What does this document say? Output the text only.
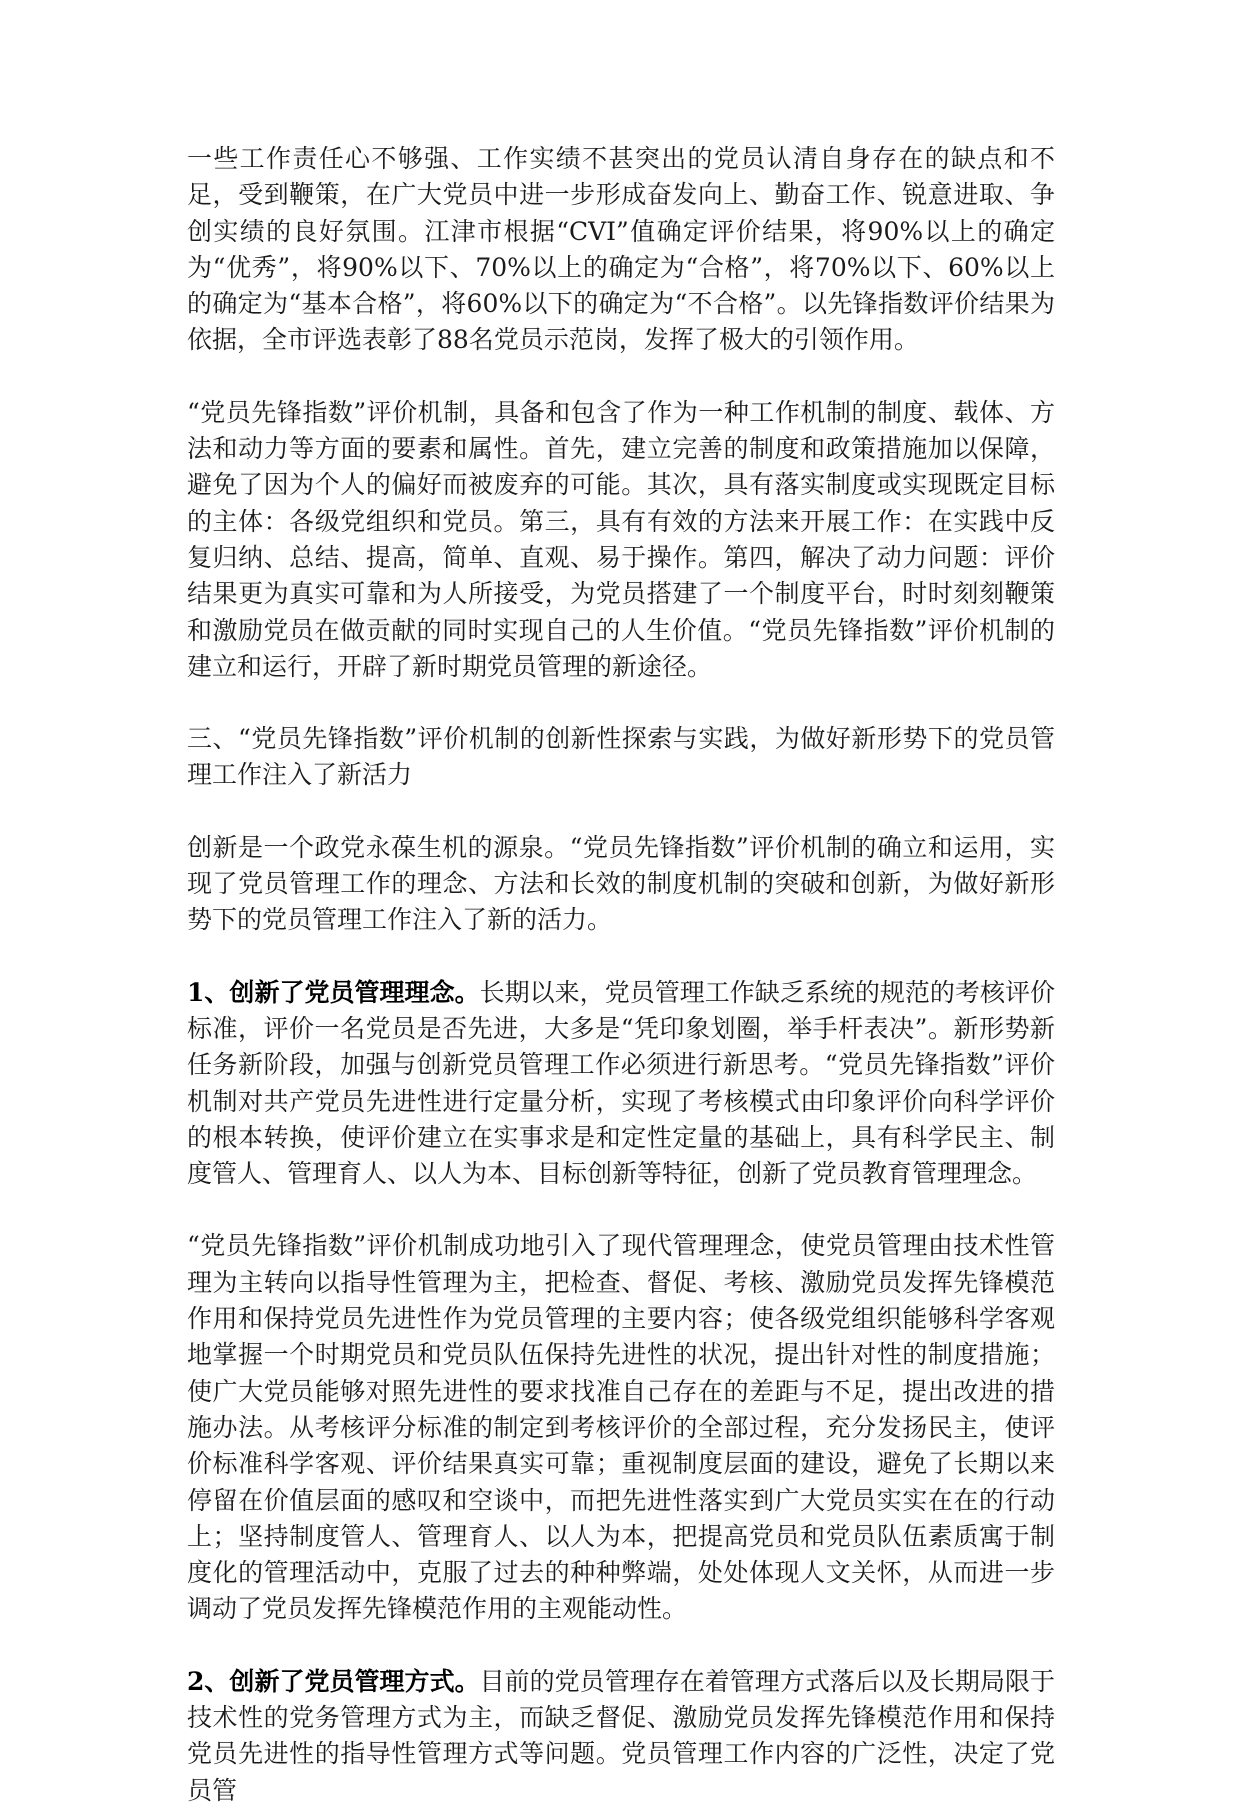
一些工作责任心不够强、工作实绩不甚突出的党员认清自身存在的缺点和不足，受到鞭策，在广大党员中进一步形成奋发向上、勤奋工作、锐意进取、争创实绩的良好氛围。江津市根据“CVI”值确定评价结果，将90%以上的确定为“优秀”，将90%以下、70%以上的确定为“合格”，将70%以下、60%以上的确定为“基本合格”，将60%以下的确定为“不合格”。以先锋指数评价结果为依据，全市评选表彰了88名党员示范岗，发挥了极大的引领作用。

“党员先锋指数”评价机制，具备和包含了作为一种工作机制的制度、载体、方法和动力等方面的要素和属性。首先，建立完善的制度和政策措施加以保障，避免了因为个人的偏好而被废弃的可能。其次，具有落实制度或实现既定目标的主体：各级党组织和党员。第三，具有有效的方法来开展工作：在实践中反复归纳、总结、提高，简单、直观、易于操作。第四，解决了动力问题：评价结果更为真实可靠和为人所接受，为党员搭建了一个制度平台，时时刻刻鞭策和激励党员在做贡献的同时实现自己的人生价值。“党员先锋指数”评价机制的建立和运行，开辟了新时期党员管理的新途径。

三、“党员先锋指数”评价机制的创新性探索与实践，为做好新形势下的党员管理工作注入了新活力

创新是一个政党永葆生机的源泉。“党员先锋指数”评价机制的确立和运用，实现了党员管理工作的理念、方法和长效的制度机制的突破和创新，为做好新形势下的党员管理工作注入了新的活力。

1、创新了党员管理理念。长期以来，党员管理工作缺乏系统的规范的考核评价标准，评价一名党员是否先进，大多是“凭印象划圈，举手杆表决”。新形势新任务新阶段，加强与创新党员管理工作必须进行新思考。“党员先锋指数”评价机制对共产党员先进性进行定量分析，实现了考核模式由印象评价向科学评价的根本转换，使评价建立在实事求是和定性定量的基础上，具有科学民主、制度管人、管理育人、以人为本、目标创新等特征，创新了党员教育管理理念。

“党员先锋指数”评价机制成功地引入了现代管理理念，使党员管理由技术性管理为主转向以指导性管理为主，把检查、督促、考核、激励党员发挥先锋模范作用和保持党员先进性作为党员管理的主要内容；使各级党组织能够科学客观地掌握一个时期党员和党员队伍保持先进性的状况，提出针对性的制度措施；使广大党员能够对照先进性的要求找准自己存在的差距与不足，提出改进的措施办法。从考核评分标准的制定到考核评价的全部过程，充分发扬民主，使评价标准科学客观、评价结果真实可靠；重视制度层面的建设，避免了长期以来停留在价值层面的感叹和空谈中，而把先进性落实到广大党员实实在在的行动上；坚持制度管人、管理育人、以人为本，把提高党员和党员队伍素质寓于制度化的管理活动中，克服了过去的种种弊端，处处体现人文关怀，从而进一步调动了党员发挥先锋模范作用的主观能动性。

2、创新了党员管理方式。目前的党员管理存在着管理方式落后以及长期局限于技术性的党务管理方式为主，而缺乏督促、激励党员发挥先锋模范作用和保持党员先进性的指导性管理方式等问题。党员管理工作内容的广泛性，决定了党员管
